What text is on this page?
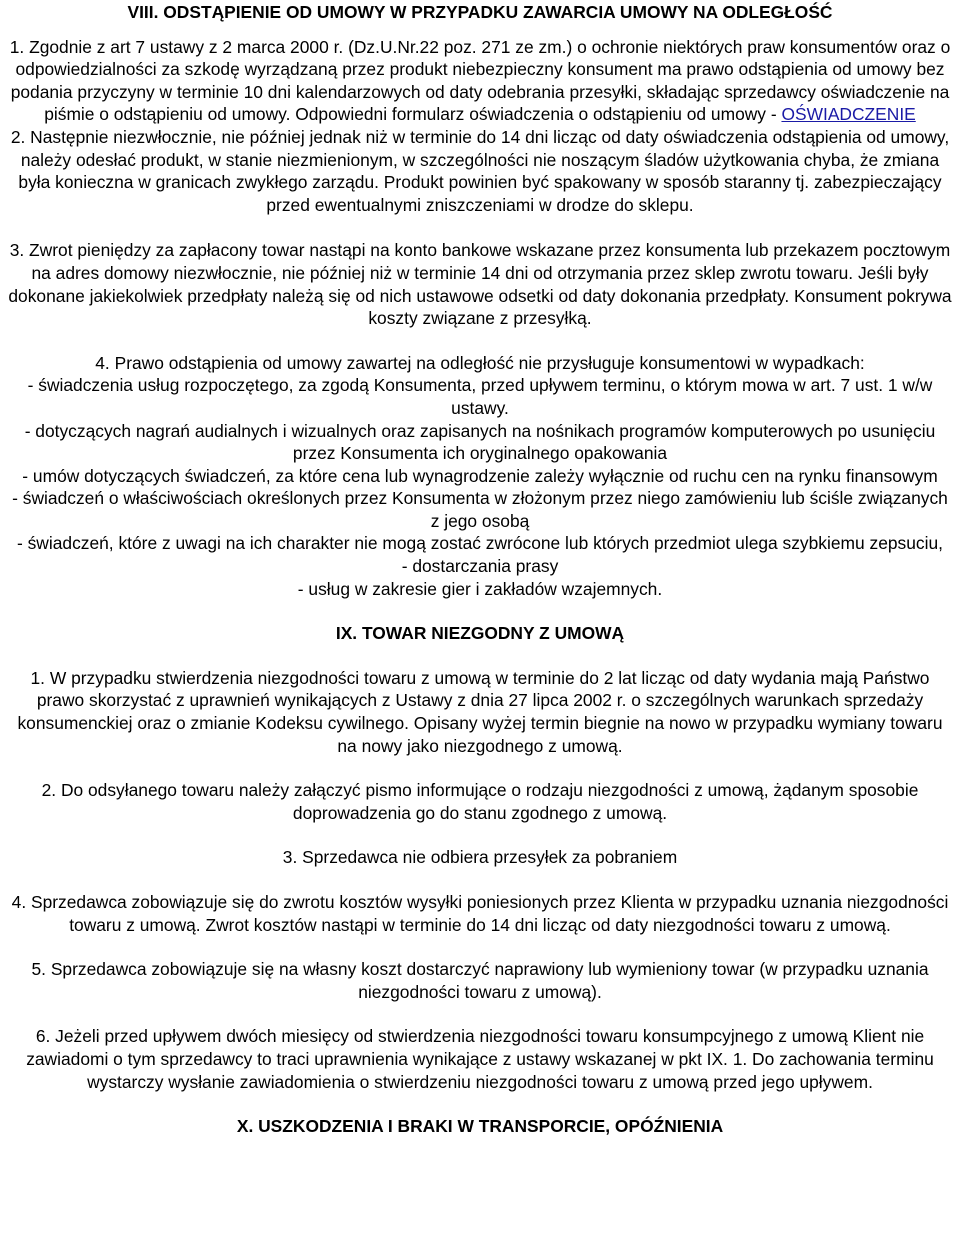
VIII. ODSTĄPIENIE OD UMOWY W PRZYPADKU ZAWARCIA UMOWY NA ODLEGŁOŚĆ
1. Zgodnie z art 7 ustawy z 2 marca 2000 r. (Dz.U.Nr.22 poz. 271 ze zm.) o ochronie niektórych praw konsumentów oraz o odpowiedzialności za szkodę wyrządzaną przez produkt niebezpieczny konsument ma prawo odstąpienia od umowy bez podania przyczyny w terminie 10 dni kalendarzowych od daty odebrania przesyłki, składając sprzedawcy oświadczenie na piśmie o odstąpieniu od umowy. Odpowiedni formularz oświadczenia o odstąpieniu od umowy - OŚWIADCZENIE
2. Następnie niezwłocznie, nie później jednak niż w terminie do 14 dni licząc od daty oświadczenia odstąpienia od umowy, należy odesłać produkt, w stanie niezmienionym, w szczególności nie noszącym śladów użytkowania chyba, że zmiana była konieczna w granicach zwykłego zarządu. Produkt powinien być spakowany w sposób staranny tj. zabezpieczający przed ewentualnymi zniszczeniami w drodze do sklepu.
3. Zwrot pieniędzy za zapłacony towar nastąpi na konto bankowe wskazane przez konsumenta lub przekazem pocztowym na adres domowy niezwłocznie, nie później niż w terminie 14 dni od otrzymania przez sklep zwrotu towaru. Jeśli były dokonane jakiekolwiek przedpłaty należą się od nich ustawowe odsetki od daty dokonania przedpłaty. Konsument pokrywa koszty związane z przesyłką.
4. Prawo odstąpienia od umowy zawartej na odległość nie przysługuje konsumentowi w wypadkach:
- świadczenia usług rozpoczętego, za zgodą Konsumenta, przed upływem terminu, o którym mowa w art. 7 ust. 1 w/w ustawy.
- dotyczących nagrań audialnych i wizualnych oraz zapisanych na nośnikach programów komputerowych po usunięciu przez Konsumenta ich oryginalnego opakowania
- umów dotyczących świadczeń, za które cena lub wynagrodzenie zależy wyłącznie od ruchu cen na rynku finansowym
- świadczeń o właściwościach określonych przez Konsumenta w złożonym przez niego zamówieniu lub ściśle związanych z jego osobą
- świadczeń, które z uwagi na ich charakter nie mogą zostać zwrócone lub których przedmiot ulega szybkiemu zepsuciu,
- dostarczania prasy
- usług w zakresie gier i zakładów wzajemnych.
IX. TOWAR NIEZGODNY Z UMOWĄ
1. W przypadku stwierdzenia niezgodności towaru z umową w terminie do 2 lat licząc od daty wydania mają Państwo prawo skorzystać z uprawnień wynikających z Ustawy z dnia 27 lipca 2002 r. o szczególnych warunkach sprzedaży konsumenckiej oraz o zmianie Kodeksu cywilnego. Opisany wyżej termin biegnie na nowo w przypadku wymiany towaru na nowy jako niezgodnego z umową.
2. Do odsyłanego towaru należy załączyć pismo informujące o rodzaju niezgodności z umową, żądanym sposobie doprowadzenia go do stanu zgodnego z umową.
3. Sprzedawca nie odbiera przesyłek za pobraniem
4. Sprzedawca zobowiązuje się do zwrotu kosztów wysyłki poniesionych przez Klienta w przypadku uznania niezgodności towaru z umową. Zwrot kosztów nastąpi w terminie do 14 dni licząc od daty niezgodności towaru z umową.
5. Sprzedawca zobowiązuje się na własny koszt dostarczyć naprawiony lub wymieniony towar (w przypadku uznania niezgodności towaru z umową).
6. Jeżeli przed upływem dwóch miesięcy od stwierdzenia niezgodności towaru konsumpcyjnego z umową Klient nie zawiadomi o tym sprzedawcy to traci uprawnienia wynikające z ustawy wskazanej w pkt IX. 1. Do zachowania terminu wystarczy wysłanie zawiadomienia o stwierdzeniu niezgodności towaru z umową przed jego upływem.
X. USZKODZENIA I BRAKI W TRANSPORCIE, OPÓŹNIENIA
